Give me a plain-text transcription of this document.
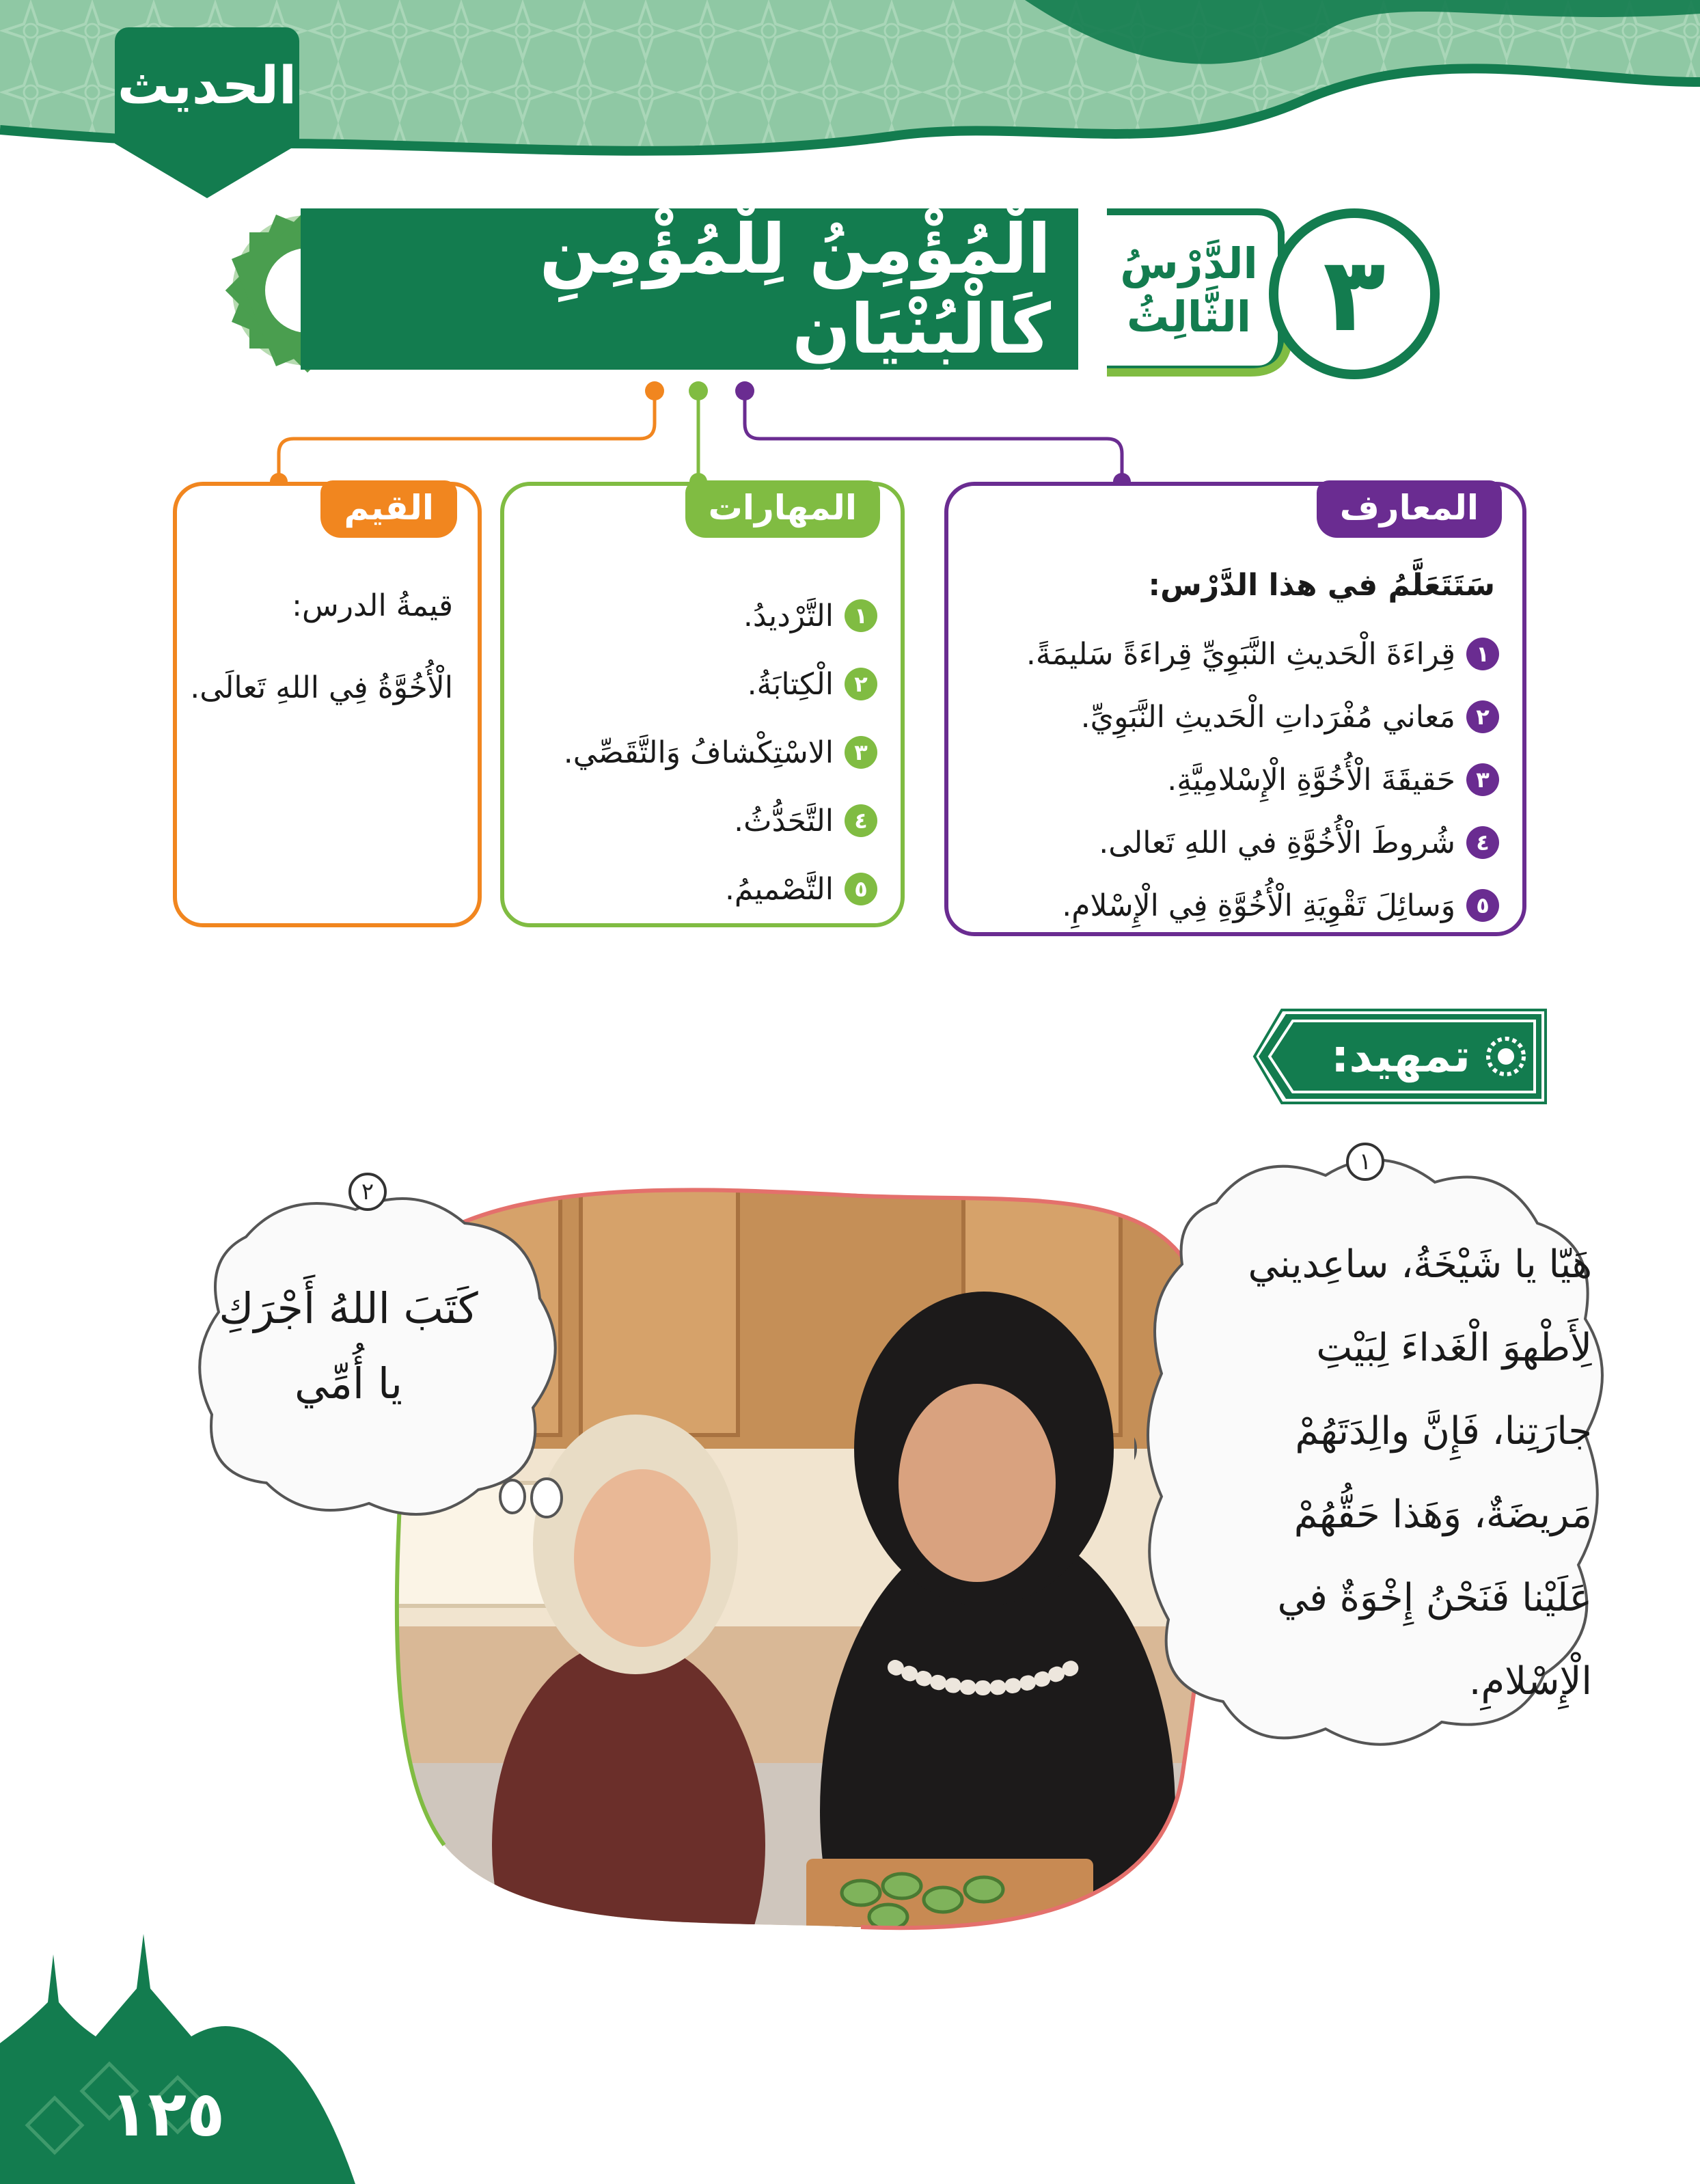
الحديث
الْمُؤْمِنُ لِلْمُؤْمِنِ كَالْبُنْيَانِ
الدَّرْسُ
الثَّالِثُ ٣
المعارف
سَتَتَعَلَّمُ في هذا الدَّرْس:
١
قِراءَةَ الْحَديثِ النَّبَوِيِّ قِراءَةً سَليمَةً.
٢
مَعاني مُفْرَداتِ الْحَديثِ النَّبَوِيِّ.
٣
حَقيقَةَ الْأُخُوَّةِ الْإِسْلامِيَّةِ.
٤
شُروطَ الْأُخُوَّةِ في اللهِ تَعالى.
٥
وَسائِلَ تَقْوِيَةِ الْأُخُوَّةِ فِي الْإِسْلامِ.
المهارات
١
التَّرْديدُ.
٢
الْكِتابَةُ.
٣
الاسْتِكْشافُ وَالتَّقَصِّي.
٤
التَّحَدُّثُ.
٥
التَّصْميمُ.
القيم
قيمةُ الدرس:
الْأُخُوَّةُ فِي اللهِ تَعالَى.
تمهيد:
١
هَيّا يا شَيْخَةُ، ساعِديني
لِأَطْهوَ الْغَداءَ لِبَيْتِ
جارَتِنا، فَإِنَّ والِدَتَهُمْ
مَريضَةٌ، وَهَذا حَقُّهُمْ
عَلَيْنا فَنَحْنُ إِخْوَةٌ في
الْإِسْلامِ.
٢
كَتَبَ اللهُ أَجْرَكِ
يا أُمِّي
١٢٥
